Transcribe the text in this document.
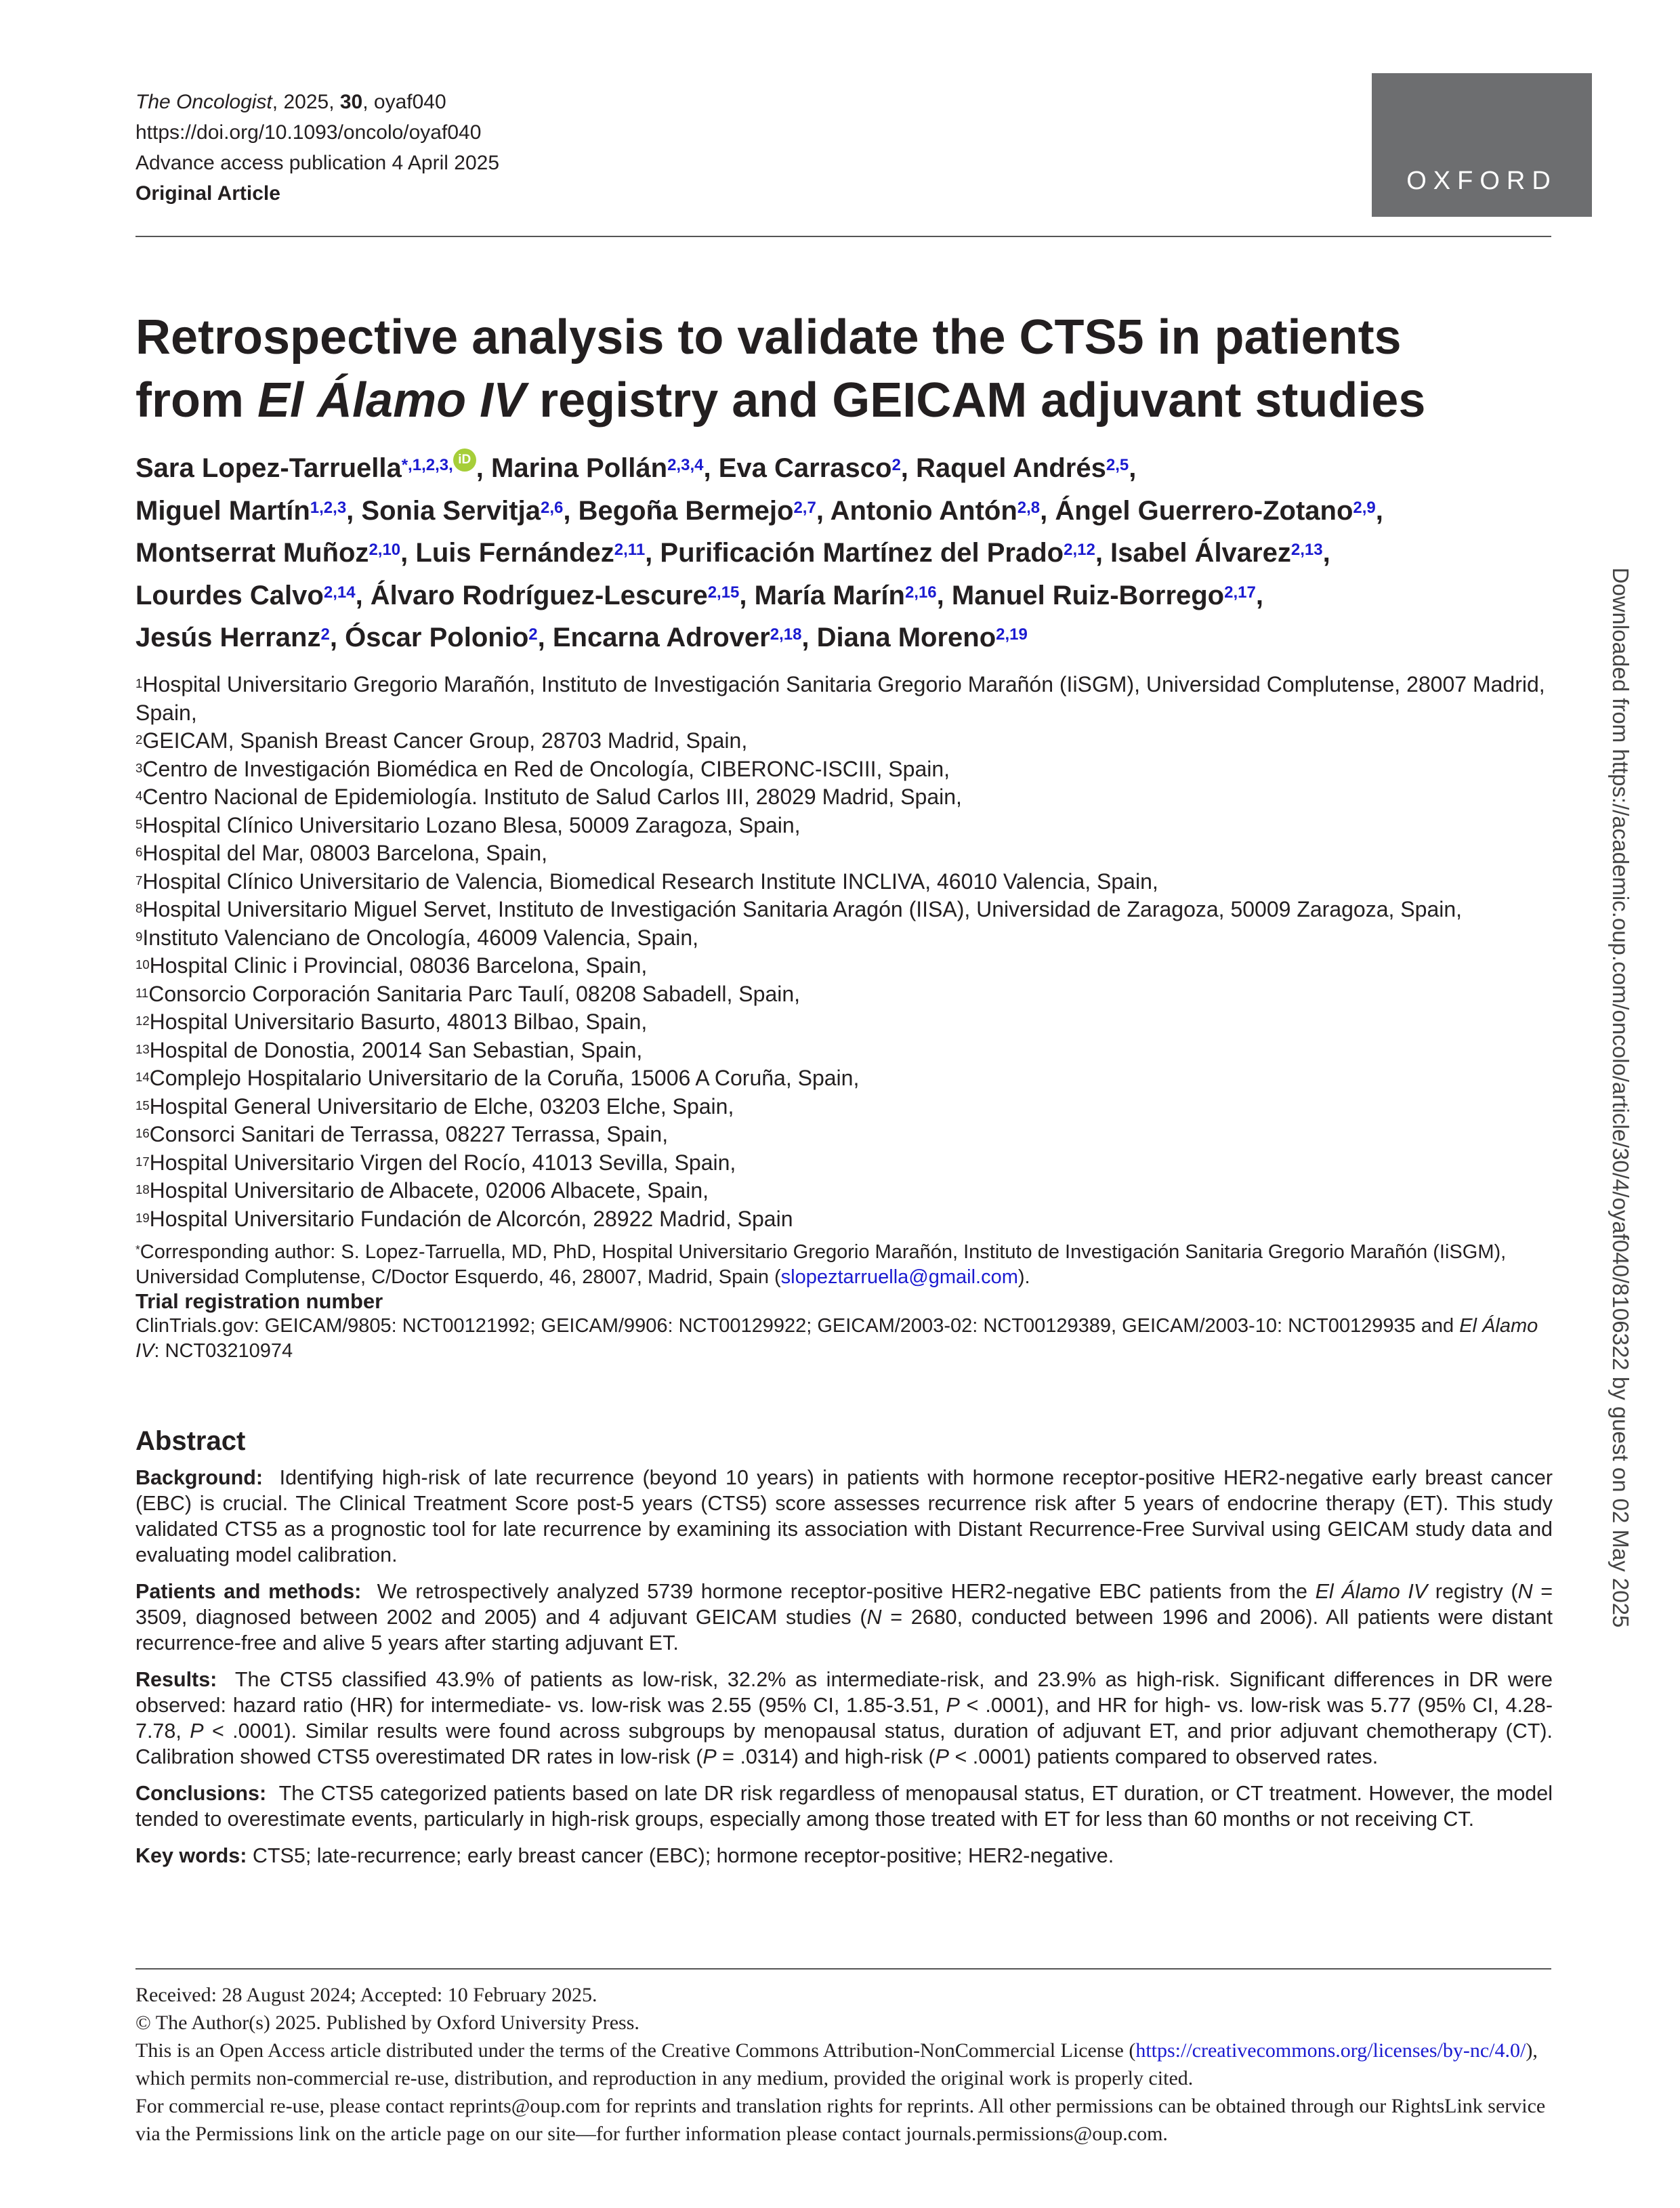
The Oncologist, 2025, 30, oyaf040
https://doi.org/10.1093/oncolo/oyaf040
Advance access publication 4 April 2025
Original Article	OXFORD
Retrospective analysis to validate the CTS5 in patients
from El Álamo IV registry and GEICAM adjuvant studies
Sara Lopez-Tarruella$^{*,1,2,3,}$ iD , Marina Pollán$^{2,3,4}$, Eva Carrasco$^2$, Raquel Andrés$^{2,5}$,
Miguel Martín$^{1,2,3}$, Sonia Servitja$^{2,6}$, Begoña Bermejo$^{2,7}$, Antonio Antón$^{2,8}$, Ángel Guerrero-Zotano$^{2,9}$,
Montserrat Muñoz$^{2,10}$, Luis Fernández$^{2,11}$, Purificación Martínez del Prado$^{2,12}$, Isabel Álvarez$^{2,13}$,
Lourdes Calvo$^{2,14}$, Álvaro Rodríguez-Lescure$^{2,15}$, María Marín$^{2,16}$, Manuel Ruiz-Borrego$^{2,17}$,
Jesús Herranz$^2$, Óscar Polonio$^2$, Encarna Adrover$^{2,18}$, Diana Moreno$^{2,19}$
$^1$Hospital Universitario Gregorio Marañón, Instituto de Investigación Sanitaria Gregorio Marañón (IiSGM), Universidad Complutense, 28007 Madrid, Spain,
$^2$GEICAM, Spanish Breast Cancer Group, 28703 Madrid, Spain,
$^3$Centro de Investigación Biomédica en Red de Oncología, CIBERONC-ISCIII, Spain,
$^4$Centro Nacional de Epidemiología. Instituto de Salud Carlos III, 28029 Madrid, Spain,
$^5$Hospital Clínico Universitario Lozano Blesa, 50009 Zaragoza, Spain,
$^6$Hospital del Mar, 08003 Barcelona, Spain,
$^7$Hospital Clínico Universitario de Valencia, Biomedical Research Institute INCLIVA, 46010 Valencia, Spain,
$^8$Hospital Universitario Miguel Servet, Instituto de Investigación Sanitaria Aragón (IISA), Universidad de Zaragoza, 50009 Zaragoza, Spain,
$^9$Instituto Valenciano de Oncología, 46009 Valencia, Spain,
$^{10}$Hospital Clinic i Provincial, 08036 Barcelona, Spain,
$^{11}$Consorcio Corporación Sanitaria Parc Taulí, 08208 Sabadell, Spain,
$^{12}$Hospital Universitario Basurto, 48013 Bilbao, Spain,
$^{13}$Hospital de Donostia, 20014 San Sebastian, Spain,
$^{14}$Complejo Hospitalario Universitario de la Coruña, 15006 A Coruña, Spain,
$^{15}$Hospital General Universitario de Elche, 03203 Elche, Spain,
$^{16}$Consorci Sanitari de Terrassa, 08227 Terrassa, Spain,
$^{17}$Hospital Universitario Virgen del Rocío, 41013 Sevilla, Spain,
$^{18}$Hospital Universitario de Albacete, 02006 Albacete, Spain,
$^{19}$Hospital Universitario Fundación de Alcorcón, 28922 Madrid, Spain
*Corresponding author: S. Lopez-Tarruella, MD, PhD, Hospital Universitario Gregorio Marañón, Instituto de Investigación Sanitaria Gregorio Marañón (IiSGM), Universidad Complutense, C/Doctor Esquerdo, 46, 28007, Madrid, Spain (slopeztarruella@gmail.com).
Trial registration number
ClinTrials.gov: GEICAM/9805: NCT00121992; GEICAM/9906: NCT00129922; GEICAM/2003-02: NCT00129389, GEICAM/2003-10: NCT00129935 and El Álamo IV: NCT03210974
Abstract

Background: Identifying high-risk of late recurrence (beyond 10 years) in patients with hormone receptor-positive HER2-negative early breast cancer (EBC) is crucial. The Clinical Treatment Score post-5 years (CTS5) score assesses recurrence risk after 5 years of endocrine therapy (ET). This study validated CTS5 as a prognostic tool for late recurrence by examining its association with Distant Recurrence-Free Survival using GEICAM study data and evaluating model calibration.

Patients and methods: We retrospectively analyzed 5739 hormone receptor-positive HER2-negative EBC patients from the El Álamo IV registry (N = 3509, diagnosed between 2002 and 2005) and 4 adjuvant GEICAM studies (N = 2680, conducted between 1996 and 2006). All patients were distant recurrence-free and alive 5 years after starting adjuvant ET.

Results: The CTS5 classified 43.9% of patients as low-risk, 32.2% as intermediate-risk, and 23.9% as high-risk. Significant differences in DR were observed: hazard ratio (HR) for intermediate- vs. low-risk was 2.55 (95% CI, 1.85-3.51, P < .0001), and HR for high- vs. low-risk was 5.77 (95% CI, 4.28-7.78, P < .0001). Similar results were found across subgroups by menopausal status, duration of adjuvant ET, and prior adjuvant chemotherapy (CT). Calibration showed CTS5 overestimated DR rates in low-risk (P = .0314) and high-risk (P < .0001) patients compared to observed rates.

Conclusions: The CTS5 categorized patients based on late DR risk regardless of menopausal status, ET duration, or CT treatment. However, the model tended to overestimate events, particularly in high-risk groups, especially among those treated with ET for less than 60 months or not receiving CT.

Key words: CTS5; late-recurrence; early breast cancer (EBC); hormone receptor-positive; HER2-negative.

Received: 28 August 2024; Accepted: 10 February 2025.
© The Author(s) 2025. Published by Oxford University Press.
This is an Open Access article distributed under the terms of the Creative Commons Attribution-NonCommercial License (https://creativecommons.org/licenses/by-nc/4.0/), which permits non-commercial re-use, distribution, and reproduction in any medium, provided the original work is properly cited.
For commercial re-use, please contact reprints@oup.com for reprints and translation rights for reprints. All other permissions can be obtained through our RightsLink service via the Permissions link on the article page on our site—for further information please contact journals.permissions@oup.com.
Downloaded from https://academic.oup.com/oncolo/article/30/4/oyaf040/8106322 by guest on 02 May 2025
